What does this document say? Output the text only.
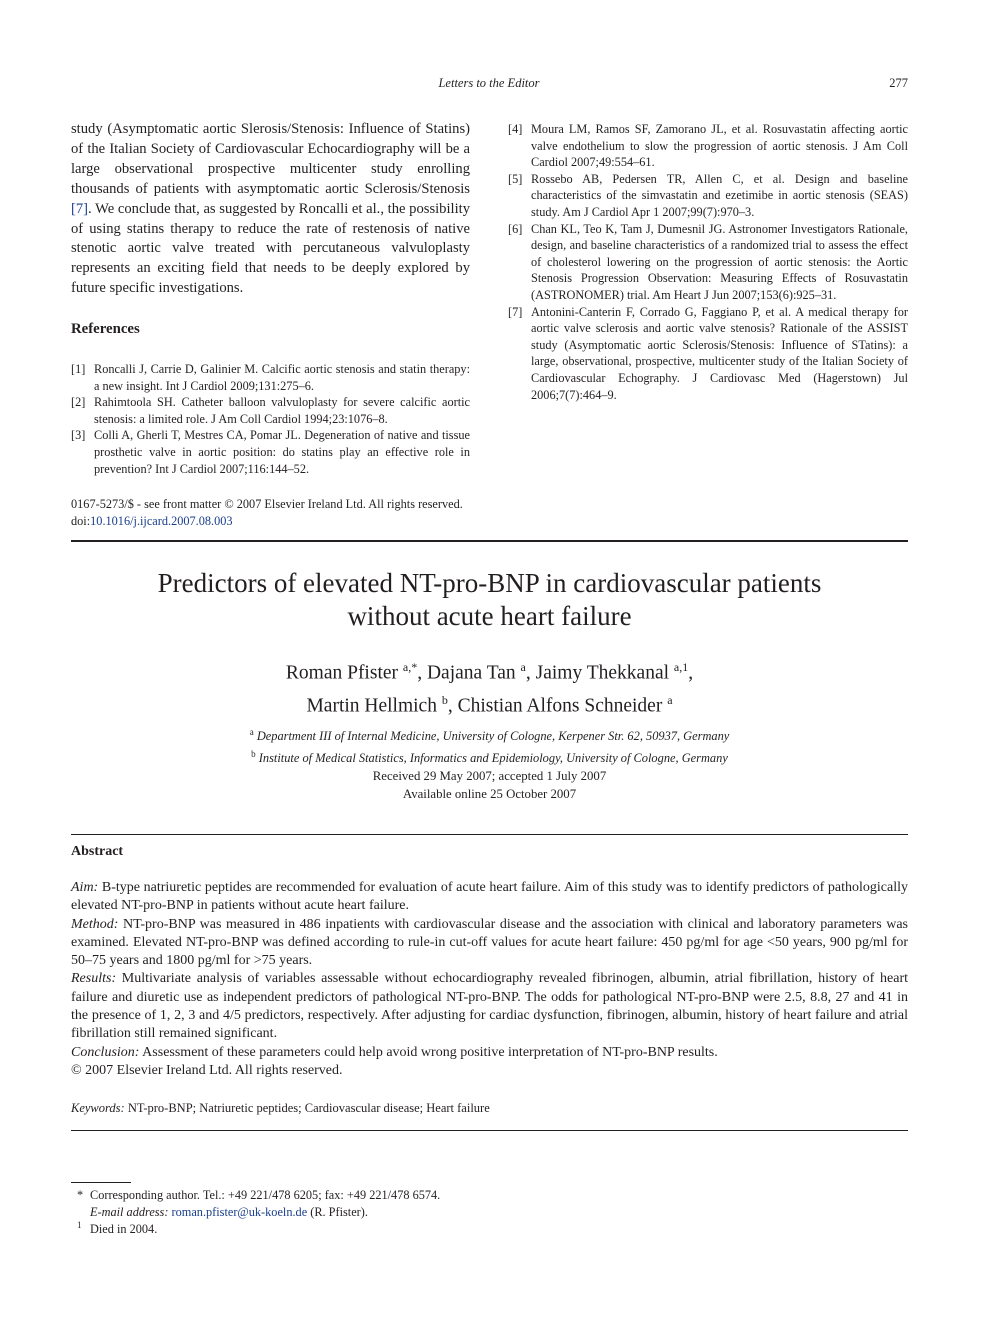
Letters to the Editor	277

study (Asymptomatic aortic Slerosis/Stenosis: Influence of Statins) of the Italian Society of Cardiovascular Echocardiography will be a large observational prospective multicenter study enrolling thousands of patients with asymptomatic aortic Sclerosis/Stenosis [7]. We conclude that, as suggested by Roncalli et al., the possibility of using statins therapy to reduce the rate of restenosis of native stenotic aortic valve treated with percutaneous valvuloplasty represents an exciting field that needs to be deeply explored by future specific investigations.

References
[1] Roncalli J, Carrie D, Galinier M. Calcific aortic stenosis and statin therapy: a new insight. Int J Cardiol 2009;131:275–6.
[2] Rahimtoola SH. Catheter balloon valvuloplasty for severe calcific aortic stenosis: a limited role. J Am Coll Cardiol 1994;23:1076–8.
[3] Colli A, Gherli T, Mestres CA, Pomar JL. Degeneration of native and tissue prosthetic valve in aortic position: do statins play an effective role in prevention? Int J Cardiol 2007;116:144–52.
[4] Moura LM, Ramos SF, Zamorano JL, et al. Rosuvastatin affecting aortic valve endothelium to slow the progression of aortic stenosis. J Am Coll Cardiol 2007;49:554–61.
[5] Rossebo AB, Pedersen TR, Allen C, et al. Design and baseline characteristics of the simvastatin and ezetimibe in aortic stenosis (SEAS) study. Am J Cardiol Apr 1 2007;99(7):970–3.
[6] Chan KL, Teo K, Tam J, Dumesnil JG. Astronomer Investigators Rationale, design, and baseline characteristics of a randomized trial to assess the effect of cholesterol lowering on the progression of aortic stenosis: the Aortic Stenosis Progression Observation: Measuring Effects of Rosuvastatin (ASTRONOMER) trial. Am Heart J Jun 2007;153(6):925–31.
[7] Antonini-Canterin F, Corrado G, Faggiano P, et al. A medical therapy for aortic valve sclerosis and aortic valve stenosis? Rationale of the ASSIST study (Asymptomatic aortic Sclerosis/Stenosis: Influence of STatins): a large, observational, prospective, multicenter study of the Italian Society of Cardiovascular Echography. J Cardiovasc Med (Hagerstown) Jul 2006;7(7):464–9.
0167-5273/$ - see front matter © 2007 Elsevier Ireland Ltd. All rights reserved.
doi:10.1016/j.ijcard.2007.08.003
Predictors of elevated NT-pro-BNP in cardiovascular patients
without acute heart failure
Roman Pfister $^{a,*}$, Dajana Tan $^a$, Jaimy Thekkanal $^{a,1}$,
Martin Hellmich $^b$, Chistian Alfons Schneider $^a$
$^a$ Department III of Internal Medicine, University of Cologne, Kerpener Str. 62, 50937, Germany
$^b$ Institute of Medical Statistics, Informatics and Epidemiology, University of Cologne, Germany
Received 29 May 2007; accepted 1 July 2007
Available online 25 October 2007
Abstract

Aim: B-type natriuretic peptides are recommended for evaluation of acute heart failure. Aim of this study was to identify predictors of pathologically elevated NT-pro-BNP in patients without acute heart failure.

Method: NT-pro-BNP was measured in 486 inpatients with cardiovascular disease and the association with clinical and laboratory parameters was examined. Elevated NT-pro-BNP was defined according to rule-in cut-off values for acute heart failure: 450 pg/ml for age <50 years, 900 pg/ml for 50–75 years and 1800 pg/ml for >75 years.

Results: Multivariate analysis of variables assessable without echocardiography revealed fibrinogen, albumin, atrial fibrillation, history of heart failure and diuretic use as independent predictors of pathological NT-pro-BNP. The odds for pathological NT-pro-BNP were 2.5, 8.8, 27 and 41 in the presence of 1, 2, 3 and 4/5 predictors, respectively. After adjusting for cardiac dysfunction, fibrinogen, albumin, history of heart failure and atrial fibrillation still remained significant.

Conclusion: Assessment of these parameters could help avoid wrong positive interpretation of NT-pro-BNP results.

© 2007 Elsevier Ireland Ltd. All rights reserved.

Keywords: NT-pro-BNP; Natriuretic peptides; Cardiovascular disease; Heart failure
* Corresponding author. Tel.: +49 221/478 6205; fax: +49 221/478 6574.
E-mail address: roman.pfister@uk-koeln.de (R. Pfister).
1 Died in 2004.
